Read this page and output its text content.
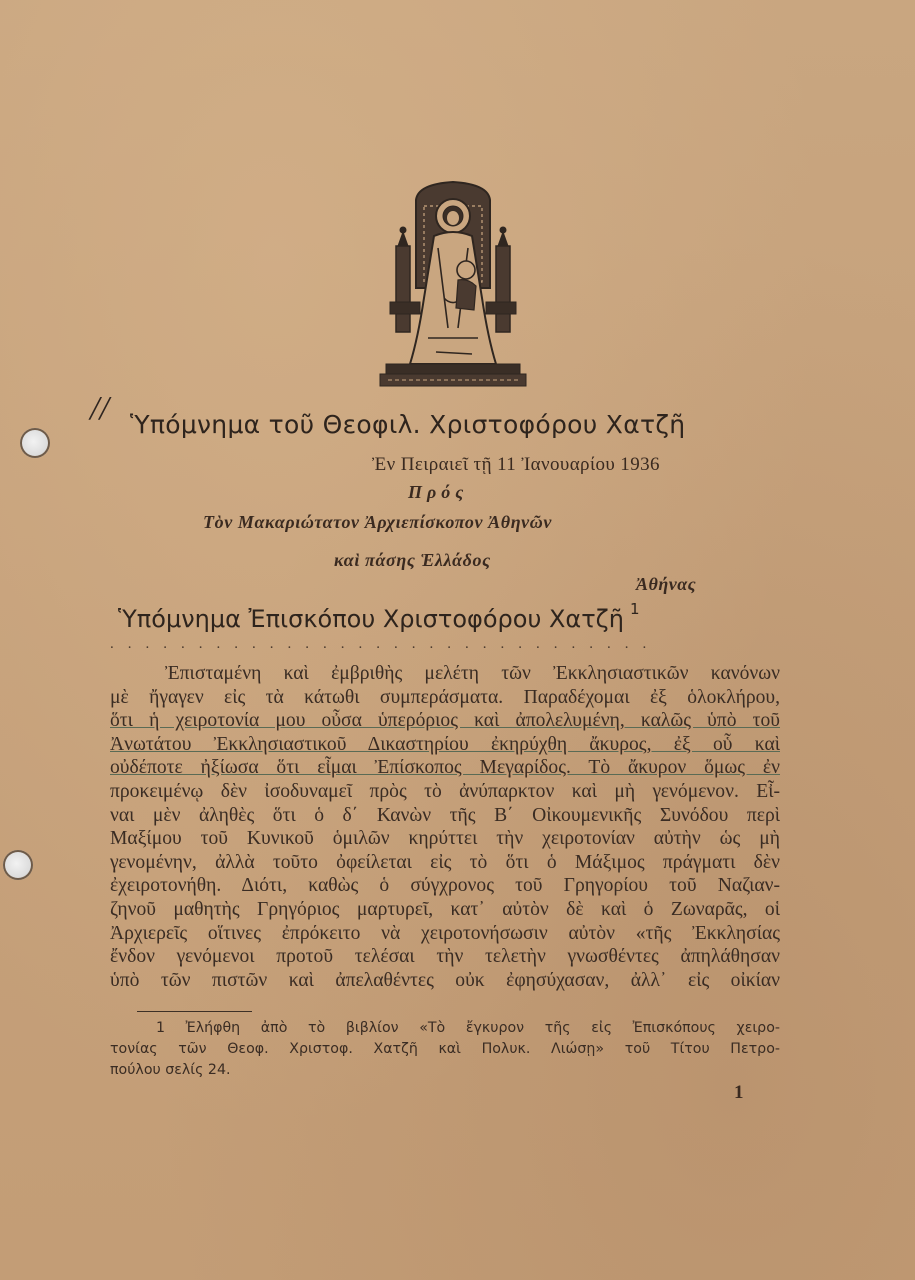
// Ὑπόμνημα τοῦ Θεοφιλ. Χριστοφόρου Χατζῆ
Ἐν Πειραιεῖ τῇ 11 Ἰανουαρίου 1936
Πρός
Τὸν Μακαριώτατον Ἀρχιεπίσκοπον Ἀθηνῶν
καὶ πάσης Ἑλλάδος
Ἀθήνας
Ὑπόμνημα Ἐπισκόπου Χριστοφόρου Χατζῆ $^1$
...............................
Ἐπισταμένη καὶ ἐμβριθὴς μελέτη τῶν Ἐκκλησιαστικῶν κανόνων
μὲ ἤγαγεν εἰς τὰ κάτωθι συμπεράσματα. Παραδέχομαι ἐξ ὁλοκλήρου,
ὅτι ἡ χειροτονία μου οὖσα ὑπερόριος καὶ ἀπολελυμένη, καλῶς ὑπὸ τοῦ
Ἀνωτάτου Ἐκκλησιαστικοῦ Δικαστηρίου ἐκηρύχθη ἄκυρος, ἐξ οὗ καὶ
οὐδέποτε ἠξίωσα ὅτι εἶμαι Ἐπίσκοπος Μεγαρίδος. Τὸ ἄκυρον ὅμως ἐν
προκειμένῳ δὲν ἰσοδυναμεῖ πρὸς τὸ ἀνύπαρκτον καὶ μὴ γενόμενον. Εἶ-
ναι μὲν ἀληθὲς ὅτι ὁ δ΄ Κανὼν τῆς Β΄ Οἰκουμενικῆς Συνόδου περὶ
Μαξίμου τοῦ Κυνικοῦ ὁμιλῶν κηρύττει τὴν χειροτονίαν αὐτὴν ὡς μὴ
γενομένην, ἀλλὰ τοῦτο ὀφείλεται εἰς τὸ ὅτι ὁ Μάξιμος πράγματι δὲν
ἐχειροτονήθη. Διότι, καθὼς ὁ σύγχρονος τοῦ Γρηγορίου τοῦ Ναζιαν-
ζηνοῦ μαθητὴς Γρηγόριος μαρτυρεῖ, κατ᾽ αὐτὸν δὲ καὶ ὁ Ζωναρᾶς, οἱ
Ἀρχιερεῖς οἵτινες ἐπρόκειτο νὰ χειροτονήσωσιν αὐτὸν «τῆς Ἐκκλησίας
ἔνδον γενόμενοι προτοῦ τελέσαι τὴν τελετὴν γνωσθέντες ἀπηλάθησαν
ὑπὸ τῶν πιστῶν καὶ ἀπελαθέντες οὐκ ἐφησύχασαν, ἀλλ᾽ εἰς οἰκίαν
1 Ἐλήφθη ἀπὸ τὸ βιβλίον «Τὸ ἔγκυρον τῆς εἰς Ἐπισκόπους χειρο-
τονίας τῶν Θεοφ. Χριστοφ. Χατζῆ καὶ Πολυκ. Λιώσῃ» τοῦ Τίτου Πετρο-
πούλου σελίς 24.
1
